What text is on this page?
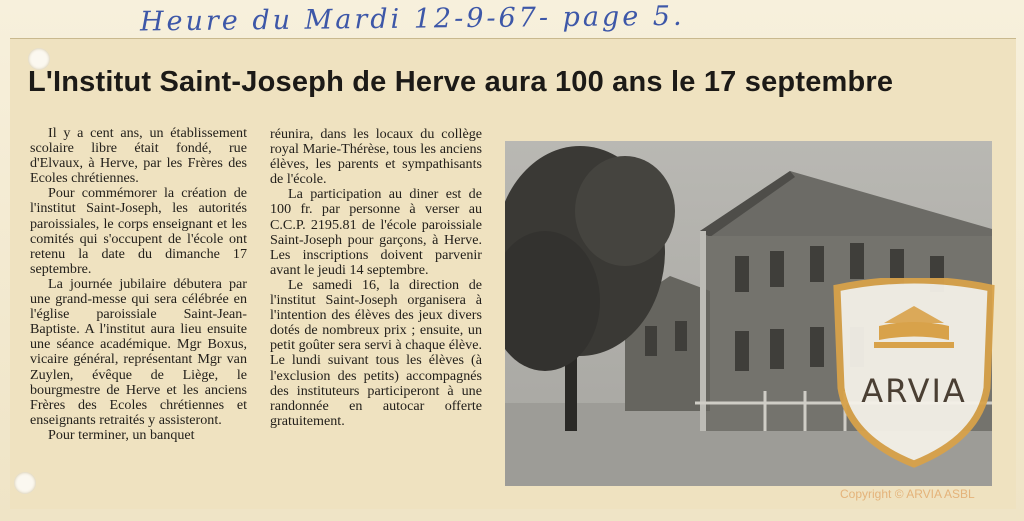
Heure du Mardi 12-9-67- page 5.
L'Institut Saint-Joseph de Herve aura 100 ans le 17 septembre

Il y a cent ans, un établissement scolaire libre était fondé, rue d'Elvaux, à Herve, par les Frères des Ecoles chrétiennes.

Pour commémorer la création de l'institut Saint-Joseph, les autorités paroissiales, le corps enseignant et les comités qui s'occupent de l'école ont retenu la date du dimanche 17 septembre.

La journée jubilaire débutera par une grand-messe qui sera célébrée en l'église paroissiale Saint-Jean-Baptiste. A l'institut aura lieu ensuite une séance académique. Mgr Boxus, vicaire général, représentant Mgr van Zuylen, évêque de Liège, le bourgmestre de Herve et les anciens Frères des Ecoles chrétiennes et enseignants retraités y assisteront.

Pour terminer, un banquet

réunira, dans les locaux du collège royal Marie-Thérèse, tous les anciens élèves, les parents et sympathisants de l'école.

La participation au diner est de 100 fr. par personne à verser au C.C.P. 2195.81 de l'école paroissiale Saint-Joseph pour garçons, à Herve. Les inscriptions doivent parvenir avant le jeudi 14 septembre.

Le samedi 16, la direction de l'institut Saint-Joseph organisera à l'intention des élèves des jeux divers dotés de nombreux prix ; ensuite, un petit goûter sera servi à chaque élève. Le lundi suivant tous les élèves (à l'exclusion des petits) accompagnés des instituteurs participeront à une randonnée en autocar offerte gratuitement.

ARVIA
Copyright © ARVIA ASBL
